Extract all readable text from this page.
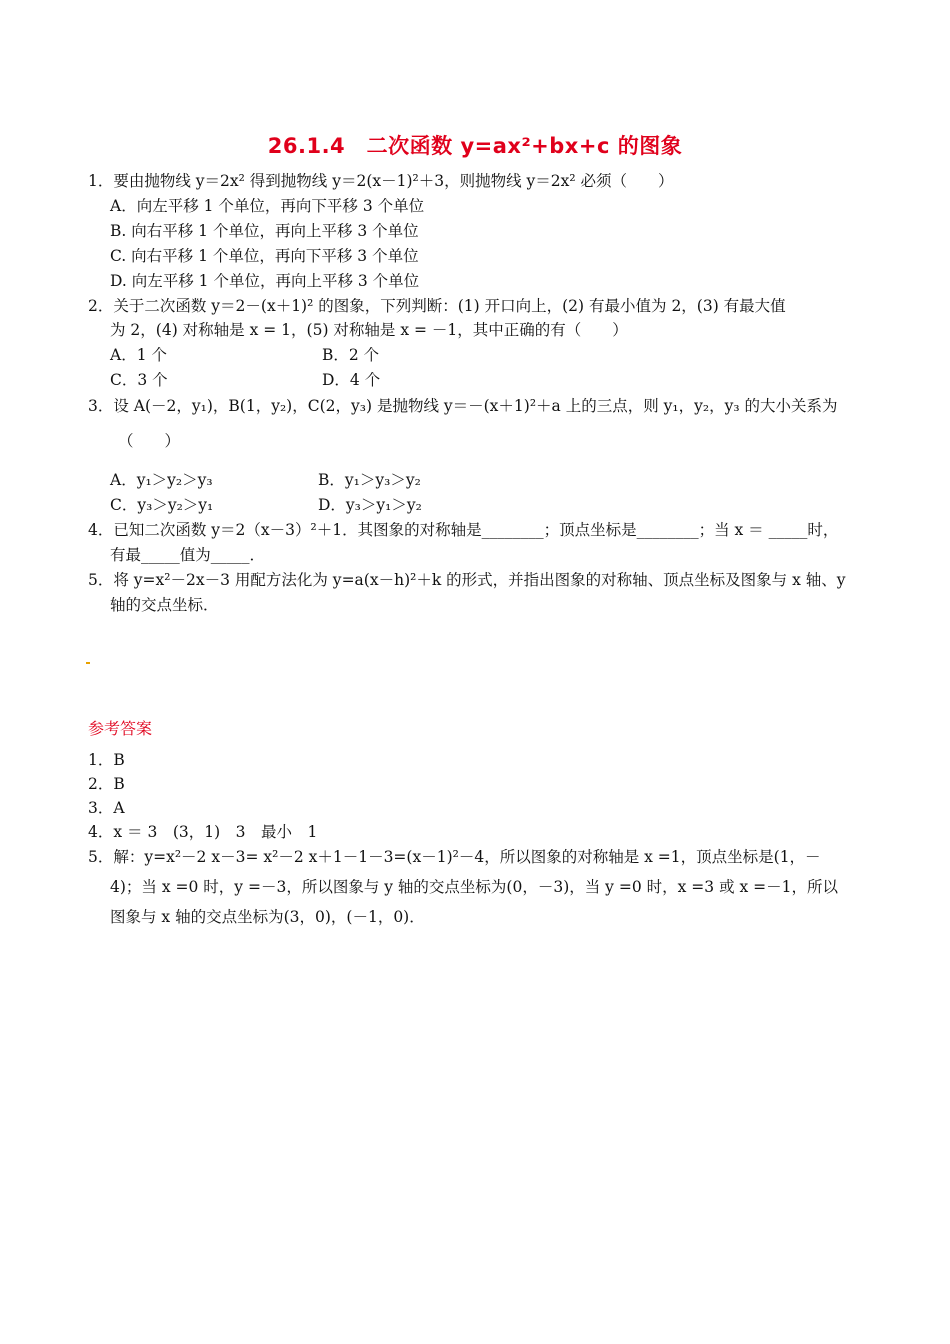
26.1.4　二次函数 y=ax²+bx+c 的图象
1．要由抛物线 y＝2x² 得到抛物线 y＝2(x－1)²＋3，则抛物线 y＝2x² 必须（　　）
A．向左平移 1 个单位，再向下平移 3 个单位
B. 向右平移 1 个单位，再向上平移 3 个单位
C. 向右平移 1 个单位，再向下平移 3 个单位
D. 向左平移 1 个单位，再向上平移 3 个单位
2．关于二次函数 y＝2－(x＋1)² 的图象，下列判断：(1) 开口向上，(2) 有最小值为 2，(3) 有最大值
为 2，(4) 对称轴是 x = 1，(5) 对称轴是 x = －1，其中正确的有（　　）
A．1 个	B．2 个
C．3 个	D．4 个
3．设 A(－2，y₁)，B(1，y₂)，C(2，y₃) 是抛物线 y＝－(x＋1)²＋a 上的三点，则 y₁，y₂，y₃ 的大小关系为
（　　）
A．y₁＞y₂＞y₃	B．y₁＞y₃＞y₂
C．y₃＞y₂＞y₁	D．y₃＞y₁＞y₂
4．已知二次函数 y＝2（x－3）²＋1．其图象的对称轴是________；顶点坐标是________；当 x ＝ _____时，
有最_____值为_____．
5．将 y=x²－2x－3 用配方法化为 y=a(x－h)²＋k 的形式，并指出图象的对称轴、顶点坐标及图象与 x 轴、y
轴的交点坐标．
参考答案
1．B
2．B
3．A
4．x ＝ 3　(3，1)　3　最小　1
5．解：y=x²－2 x－3= x²－2 x＋1－1－3=(x－1)²－4，所以图象的对称轴是 x =1，顶点坐标是(1，－
4)；当 x =0 时，y =－3，所以图象与 y 轴的交点坐标为(0，－3)，当 y =0 时，x =3 或 x =－1，所以
图象与 x 轴的交点坐标为(3，0)，(－1，0)．
